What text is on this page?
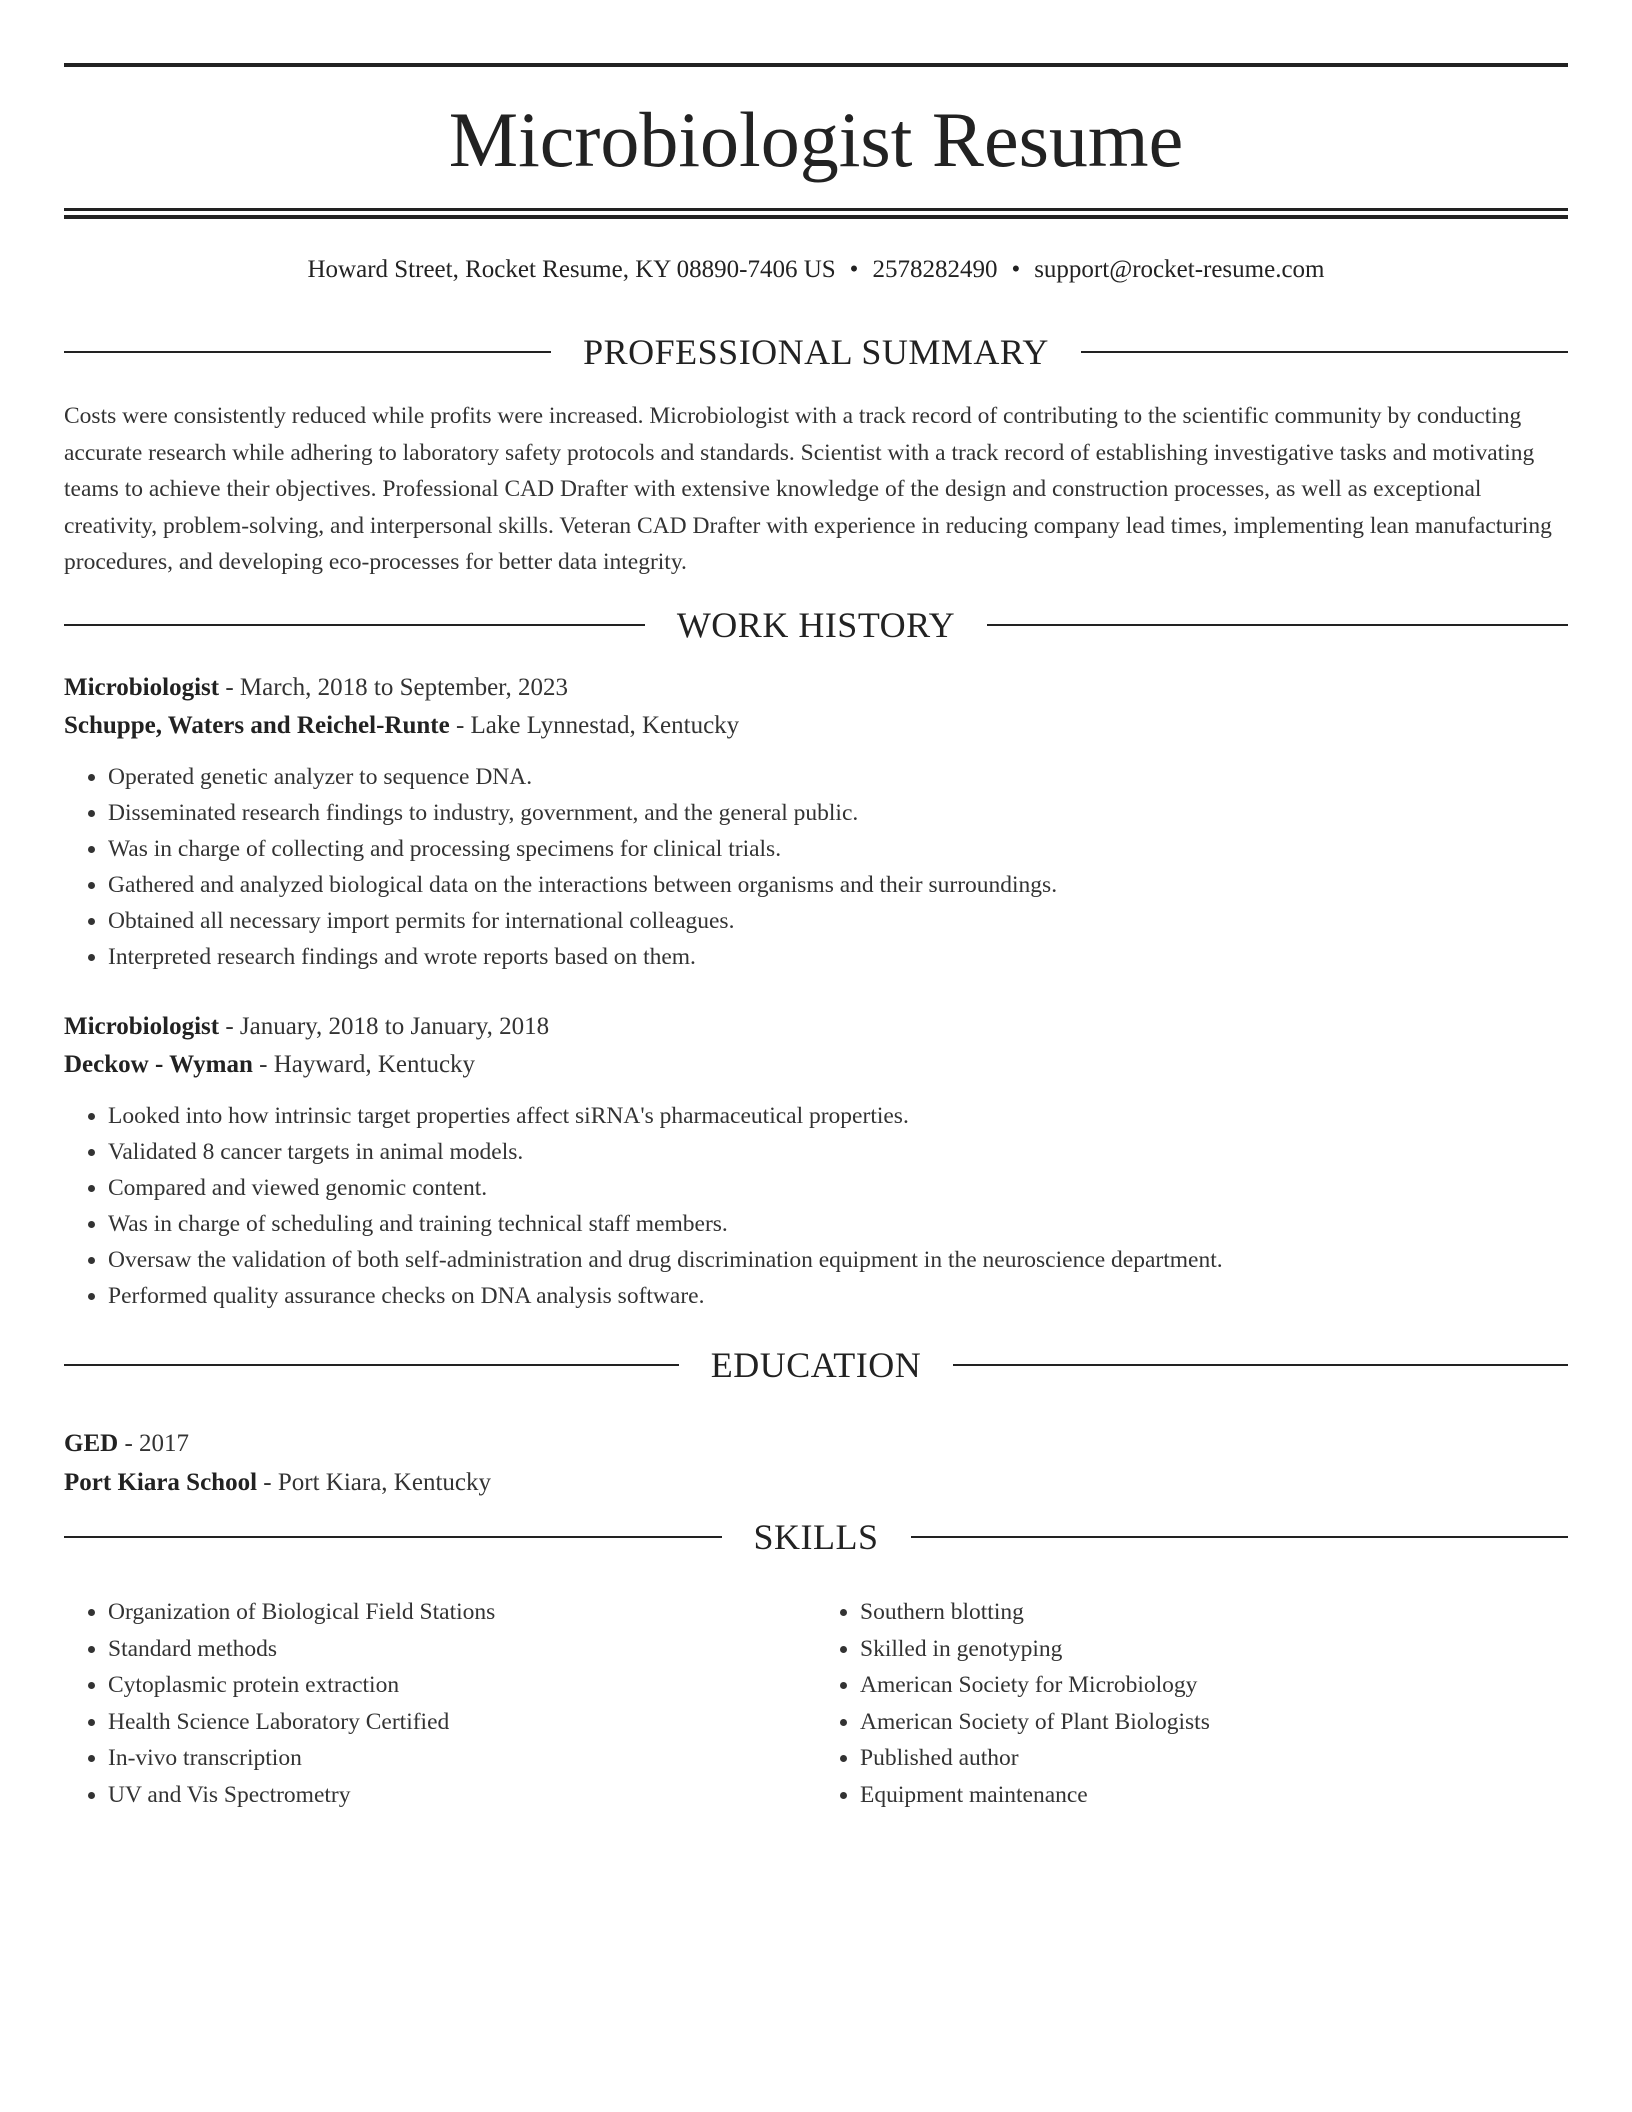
Microbiologist Resume
Howard Street, Rocket Resume, KY 08890-7406 US • 2578282490 • support@rocket-resume.com
PROFESSIONAL SUMMARY

Costs were consistently reduced while profits were increased. Microbiologist with a track record of contributing to the scientific community by conducting accurate research while adhering to laboratory safety protocols and standards. Scientist with a track record of establishing investigative tasks and motivating teams to achieve their objectives. Professional CAD Drafter with extensive knowledge of the design and construction processes, as well as exceptional creativity, problem-solving, and interpersonal skills. Veteran CAD Drafter with experience in reducing company lead times, implementing lean manufacturing procedures, and developing eco-processes for better data integrity.

WORK HISTORY
Microbiologist - March, 2018 to September, 2023
Schuppe, Waters and Reichel-Runte - Lake Lynnestad, Kentucky
• Operated genetic analyzer to sequence DNA.
• Disseminated research findings to industry, government, and the general public.
• Was in charge of collecting and processing specimens for clinical trials.
• Gathered and analyzed biological data on the interactions between organisms and their surroundings.
• Obtained all necessary import permits for international colleagues.
• Interpreted research findings and wrote reports based on them.
Microbiologist - January, 2018 to January, 2018
Deckow - Wyman - Hayward, Kentucky
• Looked into how intrinsic target properties affect siRNA's pharmaceutical properties.
• Validated 8 cancer targets in animal models.
• Compared and viewed genomic content.
• Was in charge of scheduling and training technical staff members.
• Oversaw the validation of both self-administration and drug discrimination equipment in the neuroscience department.
• Performed quality assurance checks on DNA analysis software.
EDUCATION
GED - 2017
Port Kiara School - Port Kiara, Kentucky
SKILLS
• Organization of Biological Field Stations
• Standard methods
• Cytoplasmic protein extraction
• Health Science Laboratory Certified
• In-vivo transcription
• UV and Vis Spectrometry
• Southern blotting
• Skilled in genotyping
• American Society for Microbiology
• American Society of Plant Biologists
• Published author
• Equipment maintenance
